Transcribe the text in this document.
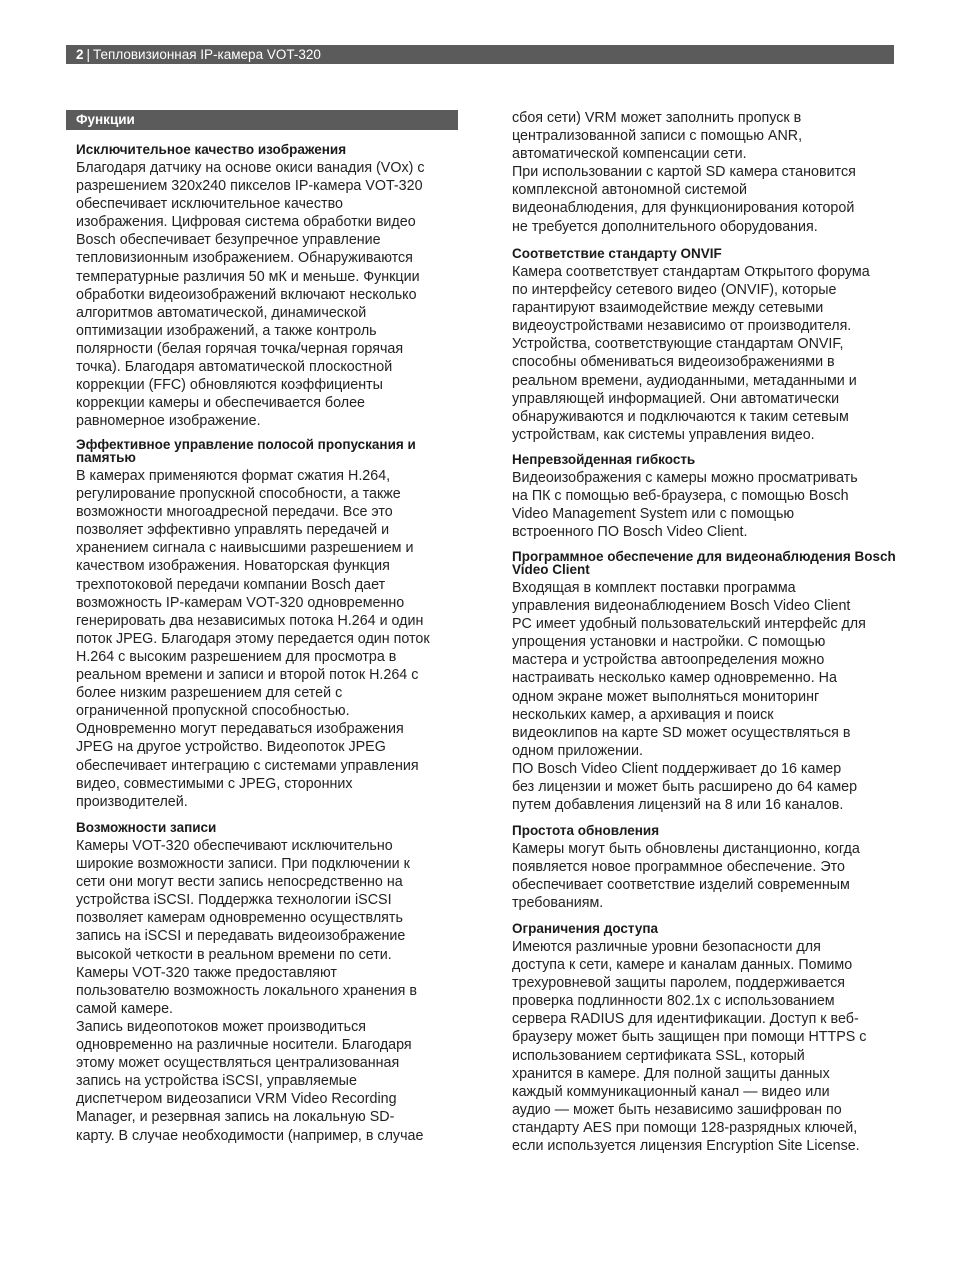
2 | Тепловизионная IP-камера VOT-320
Функции
Исключительное качество изображения

Благодаря датчику на основе окиси ванадия (VOx) с
разрешением 320х240 пикселов IP-камера VOT-320
обеспечивает исключительное качество
изображения. Цифровая система обработки видео
Bosch обеспечивает безупречное управление
тепловизионным изображением. Обнаруживаются
температурные различия 50 мК и меньше. Функции
обработки видеоизображений включают несколько
алгоритмов автоматической, динамической
оптимизации изображений, а также контроль
полярности (белая горячая точка/черная горячая
точка). Благодаря автоматической плоскостной
коррекции (FFC) обновляются коэффициенты
коррекции камеры и обеспечивается более
равномерное изображение.

Эффективное управление полосой пропускания и памятью

В камерах применяются формат сжатия H.264,
регулирование пропускной способности, а также
возможности многоадресной передачи. Все это
позволяет эффективно управлять передачей и
хранением сигнала с наивысшими разрешением и
качеством изображения. Новаторская функция
трехпотоковой передачи компании Bosch дает
возможность IP-камерам VOT-320 одновременно
генерировать два независимых потока H.264 и один
поток JPEG. Благодаря этому передается один поток
H.264 с высоким разрешением для просмотра в
реальном времени и записи и второй поток H.264 с
более низким разрешением для сетей с
ограниченной пропускной способностью.
Одновременно могут передаваться изображения
JPEG на другое устройство. Видеопоток JPEG
обеспечивает интеграцию с системами управления
видео, совместимыми с JPEG, сторонних
производителей.

Возможности записи

Камеры VOT-320 обеспечивают исключительно
широкие возможности записи. При подключении к
сети они могут вести запись непосредственно на
устройства iSCSI. Поддержка технологии iSCSI
позволяет камерам одновременно осуществлять
запись на iSCSI и передавать видеоизображение
высокой четкости в реальном времени по сети.
Камеры VOT-320 также предоставляют
пользователю возможность локального хранения в
самой камере.

Запись видеопотоков может производиться
одновременно на различные носители. Благодаря
этому может осуществляться централизованная
запись на устройства iSCSI, управляемые
диспетчером видеозаписи VRM Video Recording
Manager, и резервная запись на локальную SD-
карту. В случае необходимости (например, в случае

сбоя сети) VRM может заполнить пропуск в
централизованной записи с помощью ANR,
автоматической компенсации сети.

При использовании с картой SD камера становится
комплексной автономной системой
видеонаблюдения, для функционирования которой
не требуется дополнительного оборудования.

Соответствие стандарту ONVIF

Камера соответствует стандартам Открытого форума
по интерфейсу сетевого видео (ONVIF), которые
гарантируют взаимодействие между сетевыми
видеоустройствами независимо от производителя.
Устройства, соответствующие стандартам ONVIF,
способны обмениваться видеоизображениями в
реальном времени, аудиоданными, метаданными и
управляющей информацией. Они автоматически
обнаруживаются и подключаются к таким сетевым
устройствам, как системы управления видео.

Непревзойденная гибкость

Видеоизображения с камеры можно просматривать
на ПК с помощью веб-браузера, с помощью Bosch
Video Management System или с помощью
встроенного ПО Bosch Video Client.

Программное обеспечение для видеонаблюдения Bosch Video Client

Входящая в комплект поставки программа
управления видеонаблюдением Bosch Video Client
PC имеет удобный пользовательский интерфейс для
упрощения установки и настройки. С помощью
мастера и устройства автоопределения можно
настраивать несколько камер одновременно. На
одном экране может выполняться мониторинг
нескольких камер, а архивация и поиск
видеоклипов на карте SD может осуществляться в
одном приложении.

ПО Bosch Video Client поддерживает до 16 камер
без лицензии и может быть расширено до 64 камер
путем добавления лицензий на 8 или 16 каналов.

Простота обновления

Камеры могут быть обновлены дистанционно, когда
появляется новое программное обеспечение. Это
обеспечивает соответствие изделий современным
требованиям.

Ограничения доступа

Имеются различные уровни безопасности для
доступа к сети, камере и каналам данных. Помимо
трехуровневой защиты паролем, поддерживается
проверка подлинности 802.1x с использованием
сервера RADIUS для идентификации. Доступ к веб-
браузеру может быть защищен при помощи HTTPS с
использованием сертификата SSL, который
хранится в камере. Для полной защиты данных
каждый коммуникационный канал — видео или
аудио — может быть независимо зашифрован по
стандарту AES при помощи 128-разрядных ключей,
если используется лицензия Encryption Site License.
